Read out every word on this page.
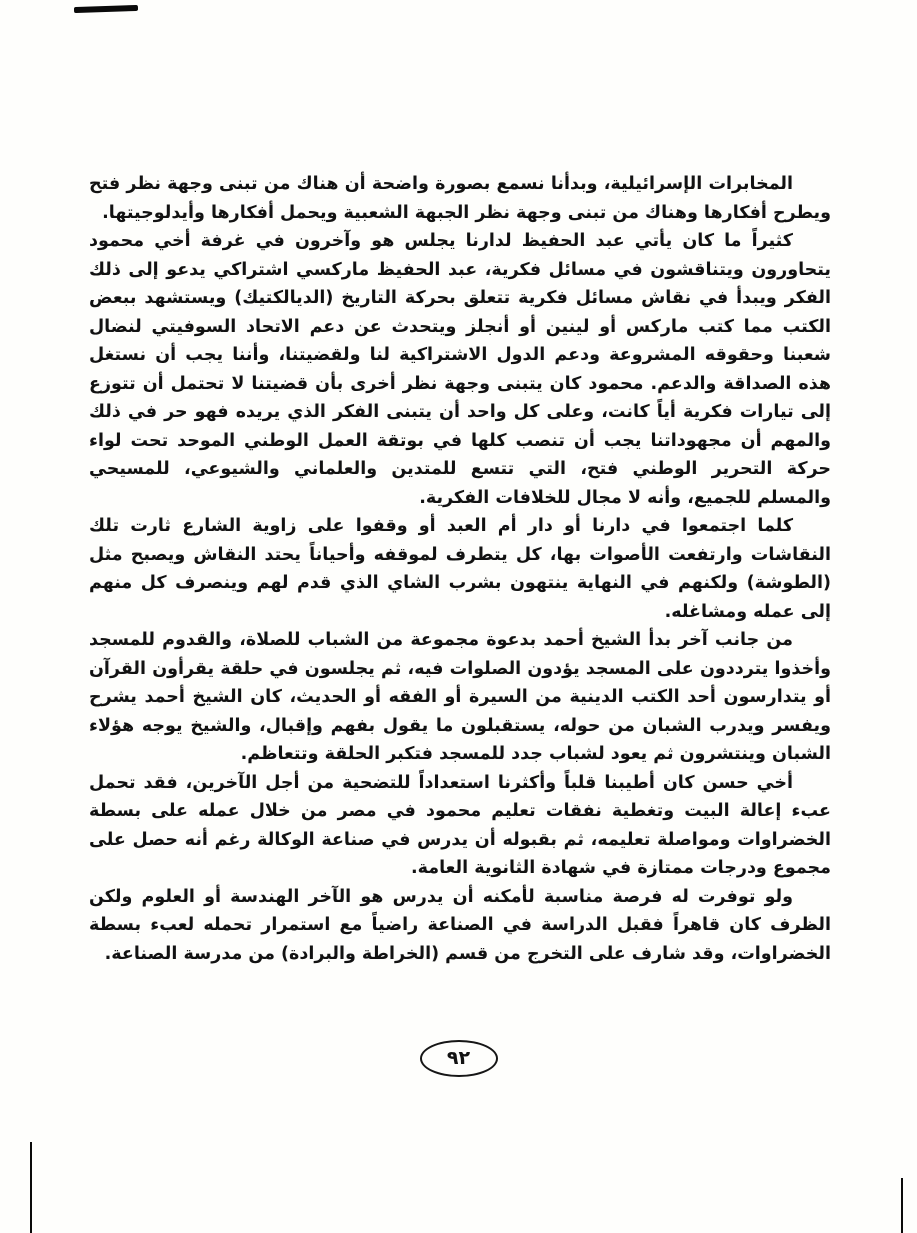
المخابرات الإسرائيلية، وبدأنا نسمع بصورة واضحة أن هناك من تبنى وجهة نظر فتح ويطرح أفكارها وهناك من تبنى وجهة نظر الجبهة الشعبية ويحمل أفكارها وأيدلوجيتها.

كثيراً ما كان يأتي عبد الحفيظ لدارنا يجلس هو وآخرون في غرفة أخي محمود يتحاورون ويتناقشون في مسائل فكرية، عبد الحفيظ ماركسي اشتراكي يدعو إلى ذلك الفكر ويبدأ في نقاش مسائل فكرية تتعلق بحركة التاريخ (الديالكتيك) ويستشهد ببعض الكتب مما كتب ماركس أو لينين أو أنجلز ويتحدث عن دعم الاتحاد السوفيتي لنضال شعبنا وحقوقه المشروعة ودعم الدول الاشتراكية لنا ولقضيتنا، وأننا يجب أن نستغل هذه الصداقة والدعم. محمود كان يتبنى وجهة نظر أخرى بأن قضيتنا لا تحتمل أن تتوزع إلى تيارات فكرية أياً كانت، وعلى كل واحد أن يتبنى الفكر الذي يريده فهو حر في ذلك والمهم أن مجهوداتنا يجب أن تنصب كلها في بوتقة العمل الوطني الموحد تحت لواء حركة التحرير الوطني فتح، التي تتسع للمتدين والعلماني والشيوعي، للمسيحي والمسلم للجميع، وأنه لا مجال للخلافات الفكرية.

كلما اجتمعوا في دارنا أو دار أم العبد أو وقفوا على زاوية الشارع ثارت تلك النقاشات وارتفعت الأصوات بها، كل يتطرف لموقفه وأحياناً يحتد النقاش ويصبح مثل (الطوشة) ولكنهم في النهاية ينتهون بشرب الشاي الذي قدم لهم وينصرف كل منهم إلى عمله ومشاغله.

من جانب آخر بدأ الشيخ أحمد بدعوة مجموعة من الشباب للصلاة، والقدوم للمسجد وأخذوا يترددون على المسجد يؤدون الصلوات فيه، ثم يجلسون في حلقة يقرأون القرآن أو يتدارسون أحد الكتب الدينية من السيرة أو الفقه أو الحديث، كان الشيخ أحمد يشرح ويفسر ويدرب الشبان من حوله، يستقبلون ما يقول بفهم وإقبال، والشيخ يوجه هؤلاء الشبان وينتشرون ثم يعود لشباب جدد للمسجد فتكبر الحلقة وتتعاظم.

أخي حسن كان أطيبنا قلباً وأكثرنا استعداداً للتضحية من أجل الآخرين، فقد تحمل عبء إعالة البيت وتغطية نفقات تعليم محمود في مصر من خلال عمله على بسطة الخضراوات ومواصلة تعليمه، ثم بقبوله أن يدرس في صناعة الوكالة رغم أنه حصل على مجموع ودرجات ممتازة في شهادة الثانوية العامة.

ولو توفرت له فرصة مناسبة لأمكنه أن يدرس هو الآخر الهندسة أو العلوم ولكن الظرف كان قاهراً فقبل الدراسة في الصناعة راضياً مع استمرار تحمله لعبء بسطة الخضراوات، وقد شارف على التخرج من قسم (الخراطة والبرادة) من مدرسة الصناعة.

٩٢
